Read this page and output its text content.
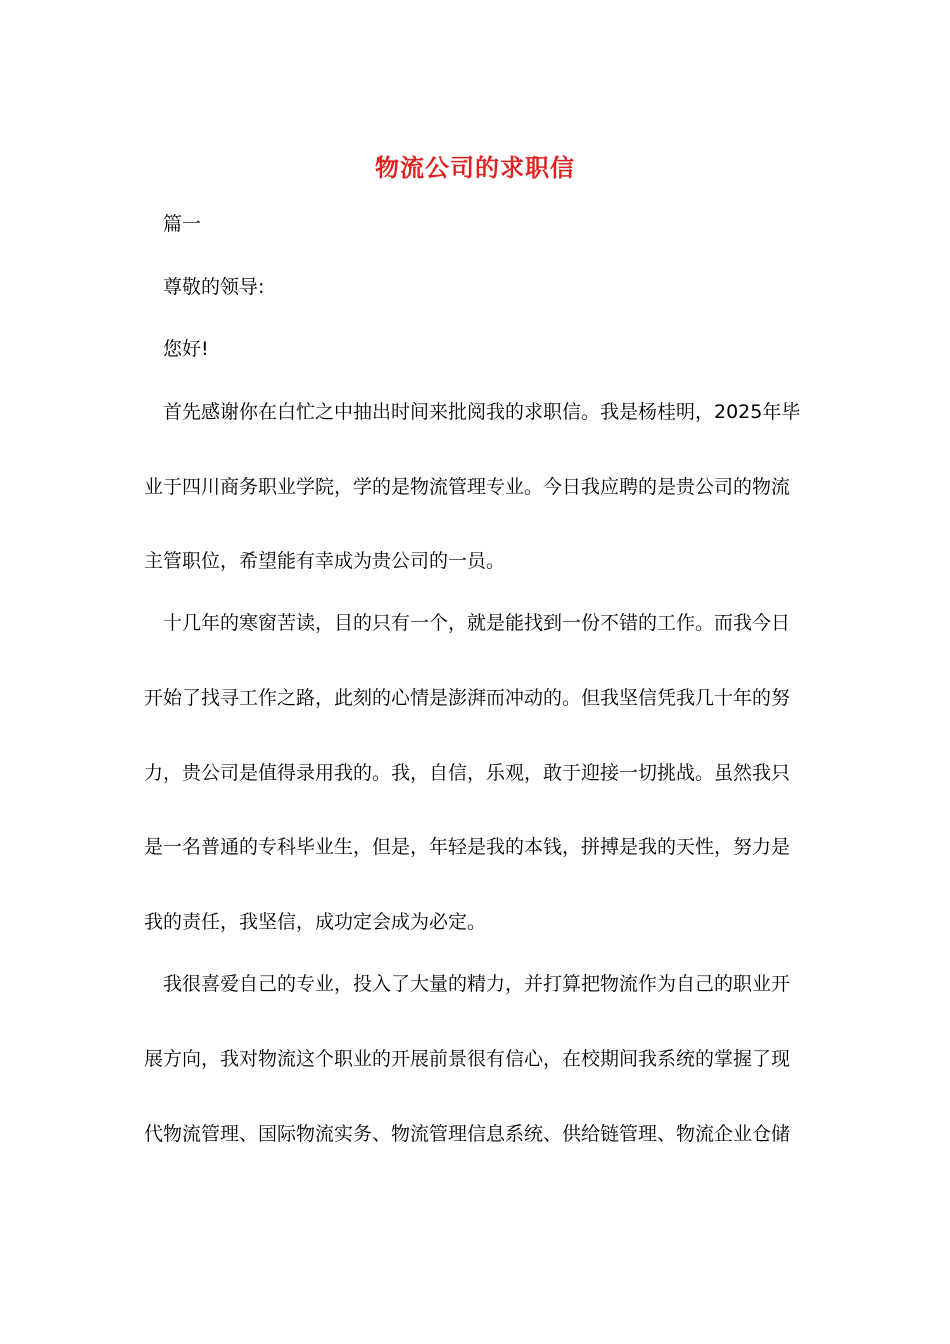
物流公司的求职信
篇一
尊敬的领导:
您好!
首先感谢你在白忙之中抽出时间来批阅我的求职信。我是杨桂明，2025年毕
业于四川商务职业学院，学的是物流管理专业。今日我应聘的是贵公司的物流
主管职位，希望能有幸成为贵公司的一员。
十几年的寒窗苦读，目的只有一个，就是能找到一份不错的工作。而我今日
开始了找寻工作之路，此刻的心情是澎湃而冲动的。但我坚信凭我几十年的努
力，贵公司是值得录用我的。我，自信，乐观，敢于迎接一切挑战。虽然我只
是一名普通的专科毕业生，但是，年轻是我的本钱，拼搏是我的天性，努力是
我的责任，我坚信，成功定会成为必定。
我很喜爱自己的专业，投入了大量的精力，并打算把物流作为自己的职业开
展方向，我对物流这个职业的开展前景很有信心，在校期间我系统的掌握了现
代物流管理、国际物流实务、物流管理信息系统、供给链管理、物流企业仓储
